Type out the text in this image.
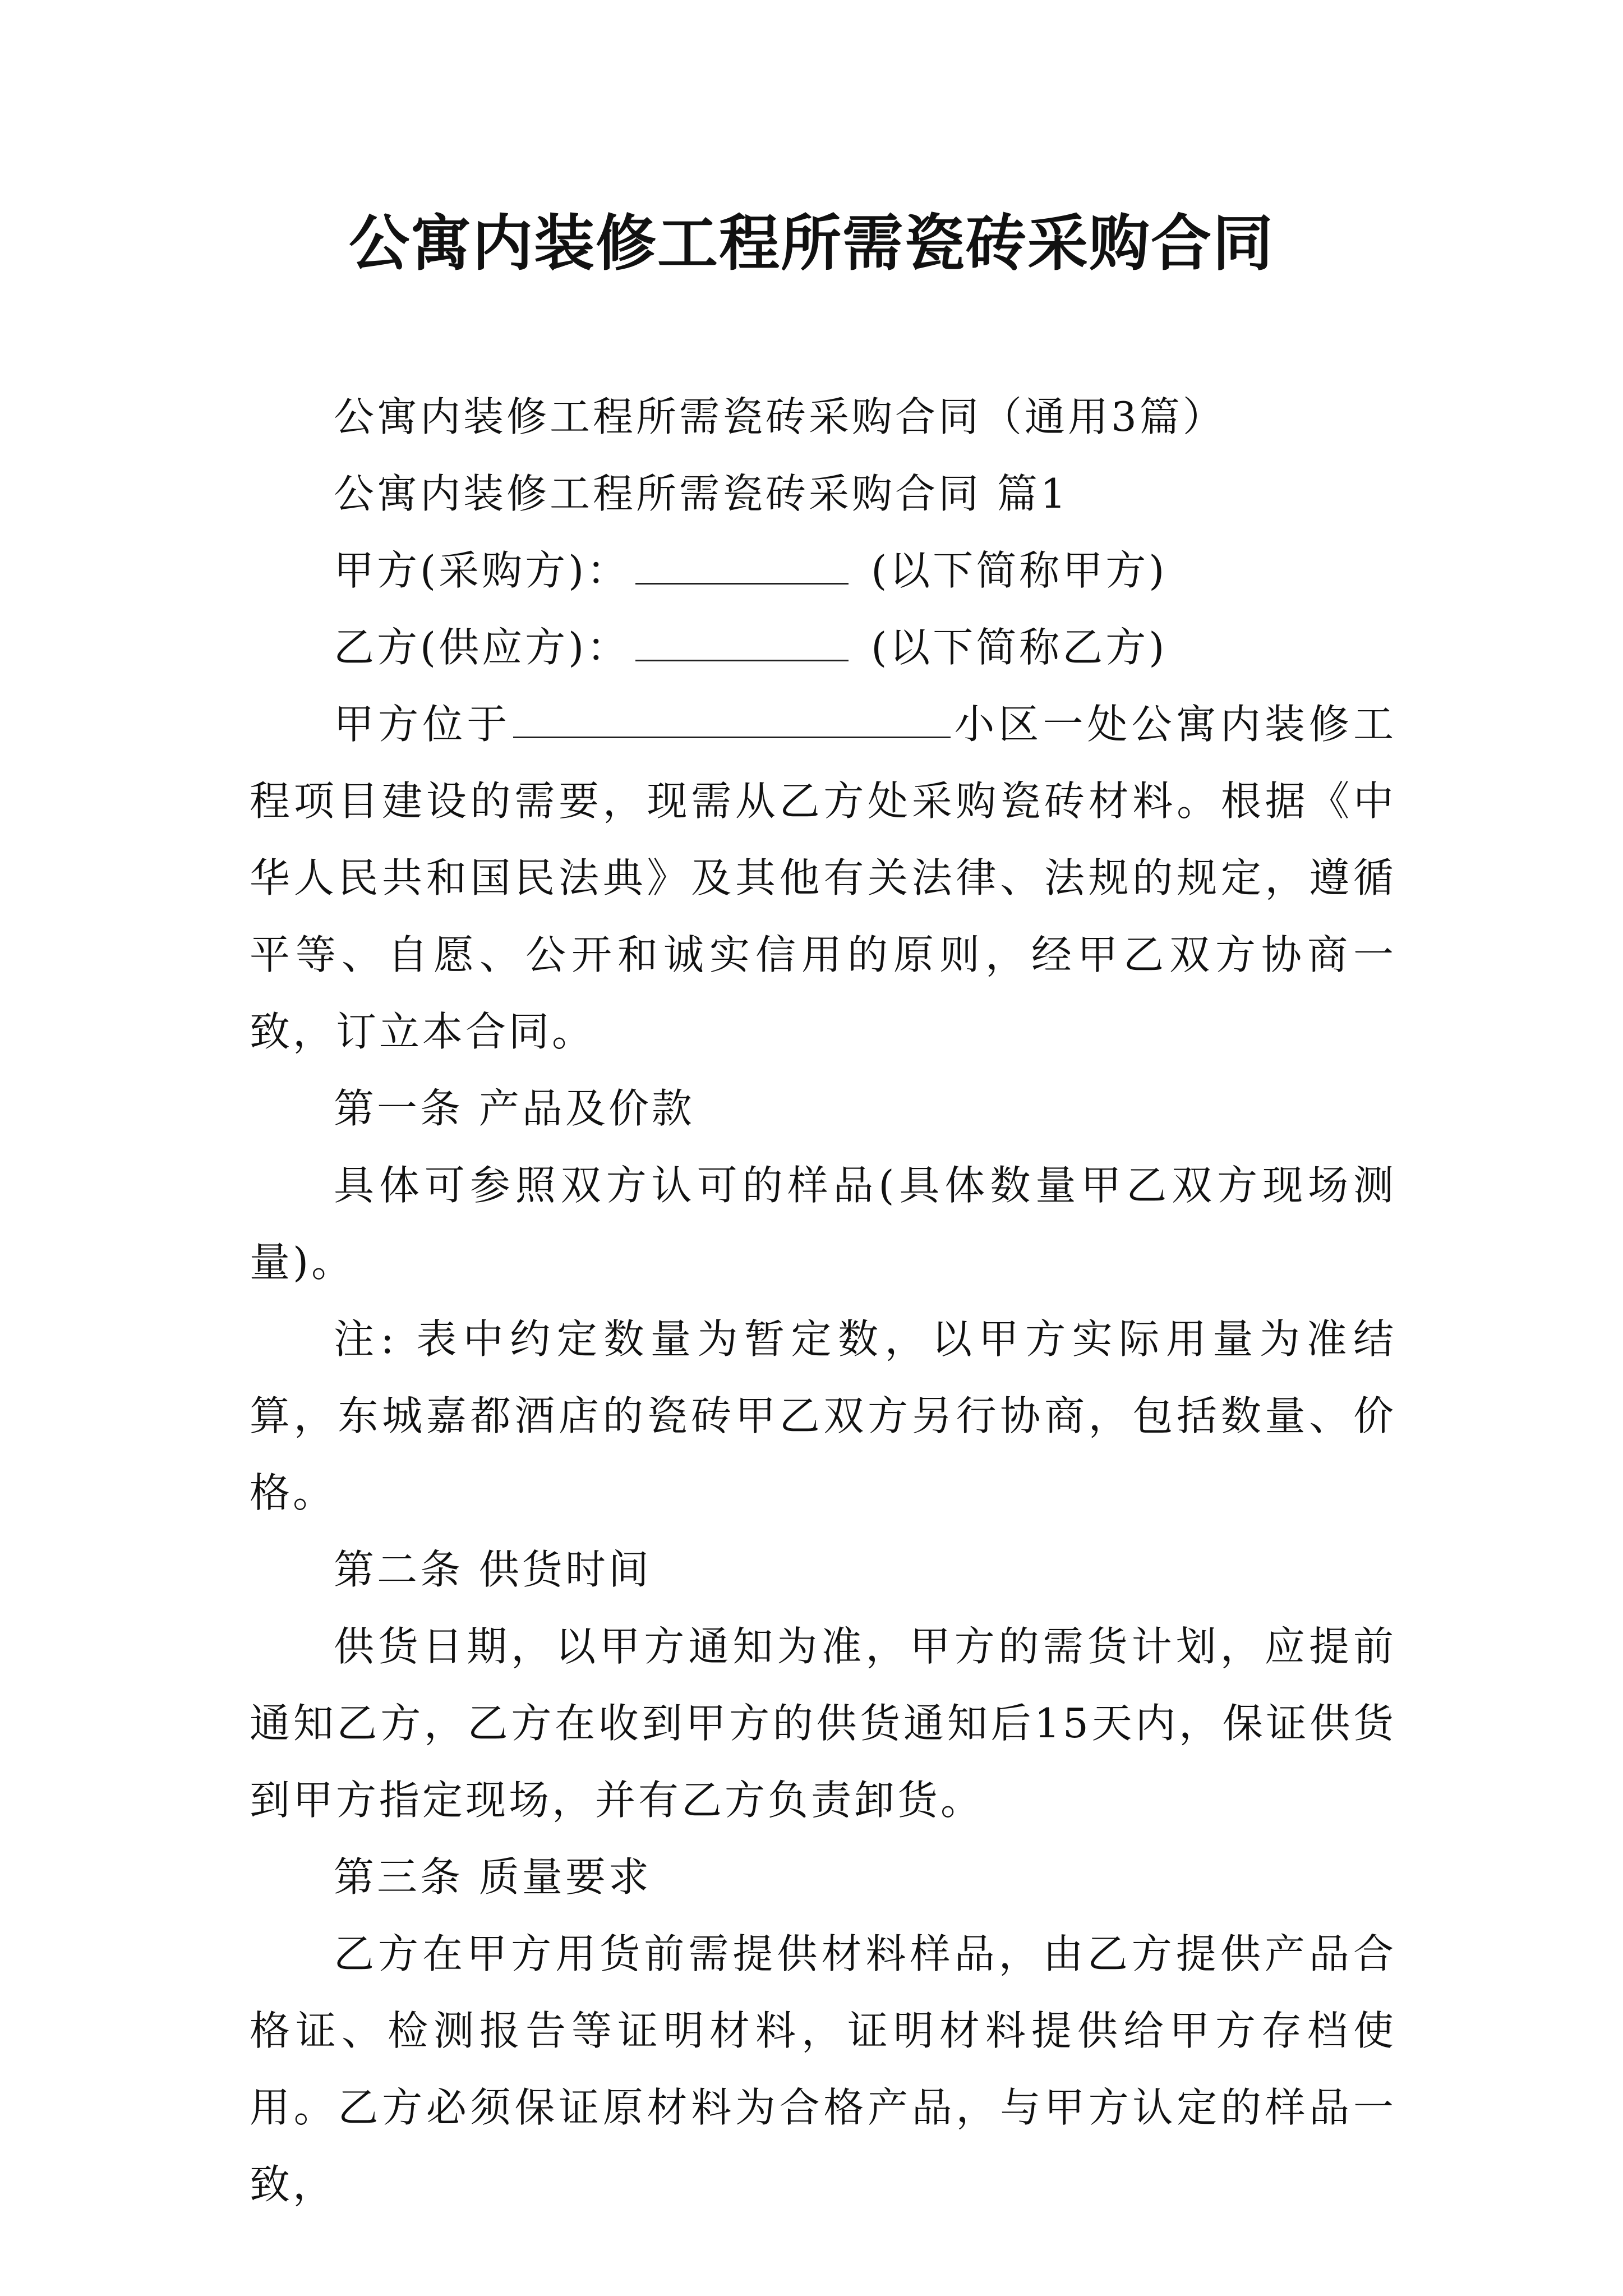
公寓内装修工程所需瓷砖采购合同

公寓内装修工程所需瓷砖采购合同（通用3篇）

公寓内装修工程所需瓷砖采购合同 篇1

甲方(采购方)：	(以下简称甲方)

乙方(供应方)：	(以下简称乙方)

甲方位于	小区一处公寓内装修工程项目建设的需要，现需从乙方处采购瓷砖材料。根据《中华人民共和国民法典》及其他有关法律、法规的规定，遵循平等、自愿、公开和诚实信用的原则，经甲乙双方协商一致，订立本合同。

第一条 产品及价款

具体可参照双方认可的样品(具体数量甲乙双方现场测量)。

注: 表中约定数量为暂定数，以甲方实际用量为准结算，东城嘉都酒店的瓷砖甲乙双方另行协商，包括数量、价格。

第二条 供货时间

供货日期，以甲方通知为准，甲方的需货计划，应提前通知乙方，乙方在收到甲方的供货通知后15天内，保证供货到甲方指定现场，并有乙方负责卸货。

第三条 质量要求

乙方在甲方用货前需提供材料样品，由乙方提供产品合格证、检测报告等证明材料，证明材料提供给甲方存档使用。乙方必须保证原材料为合格产品，与甲方认定的样品一致，
